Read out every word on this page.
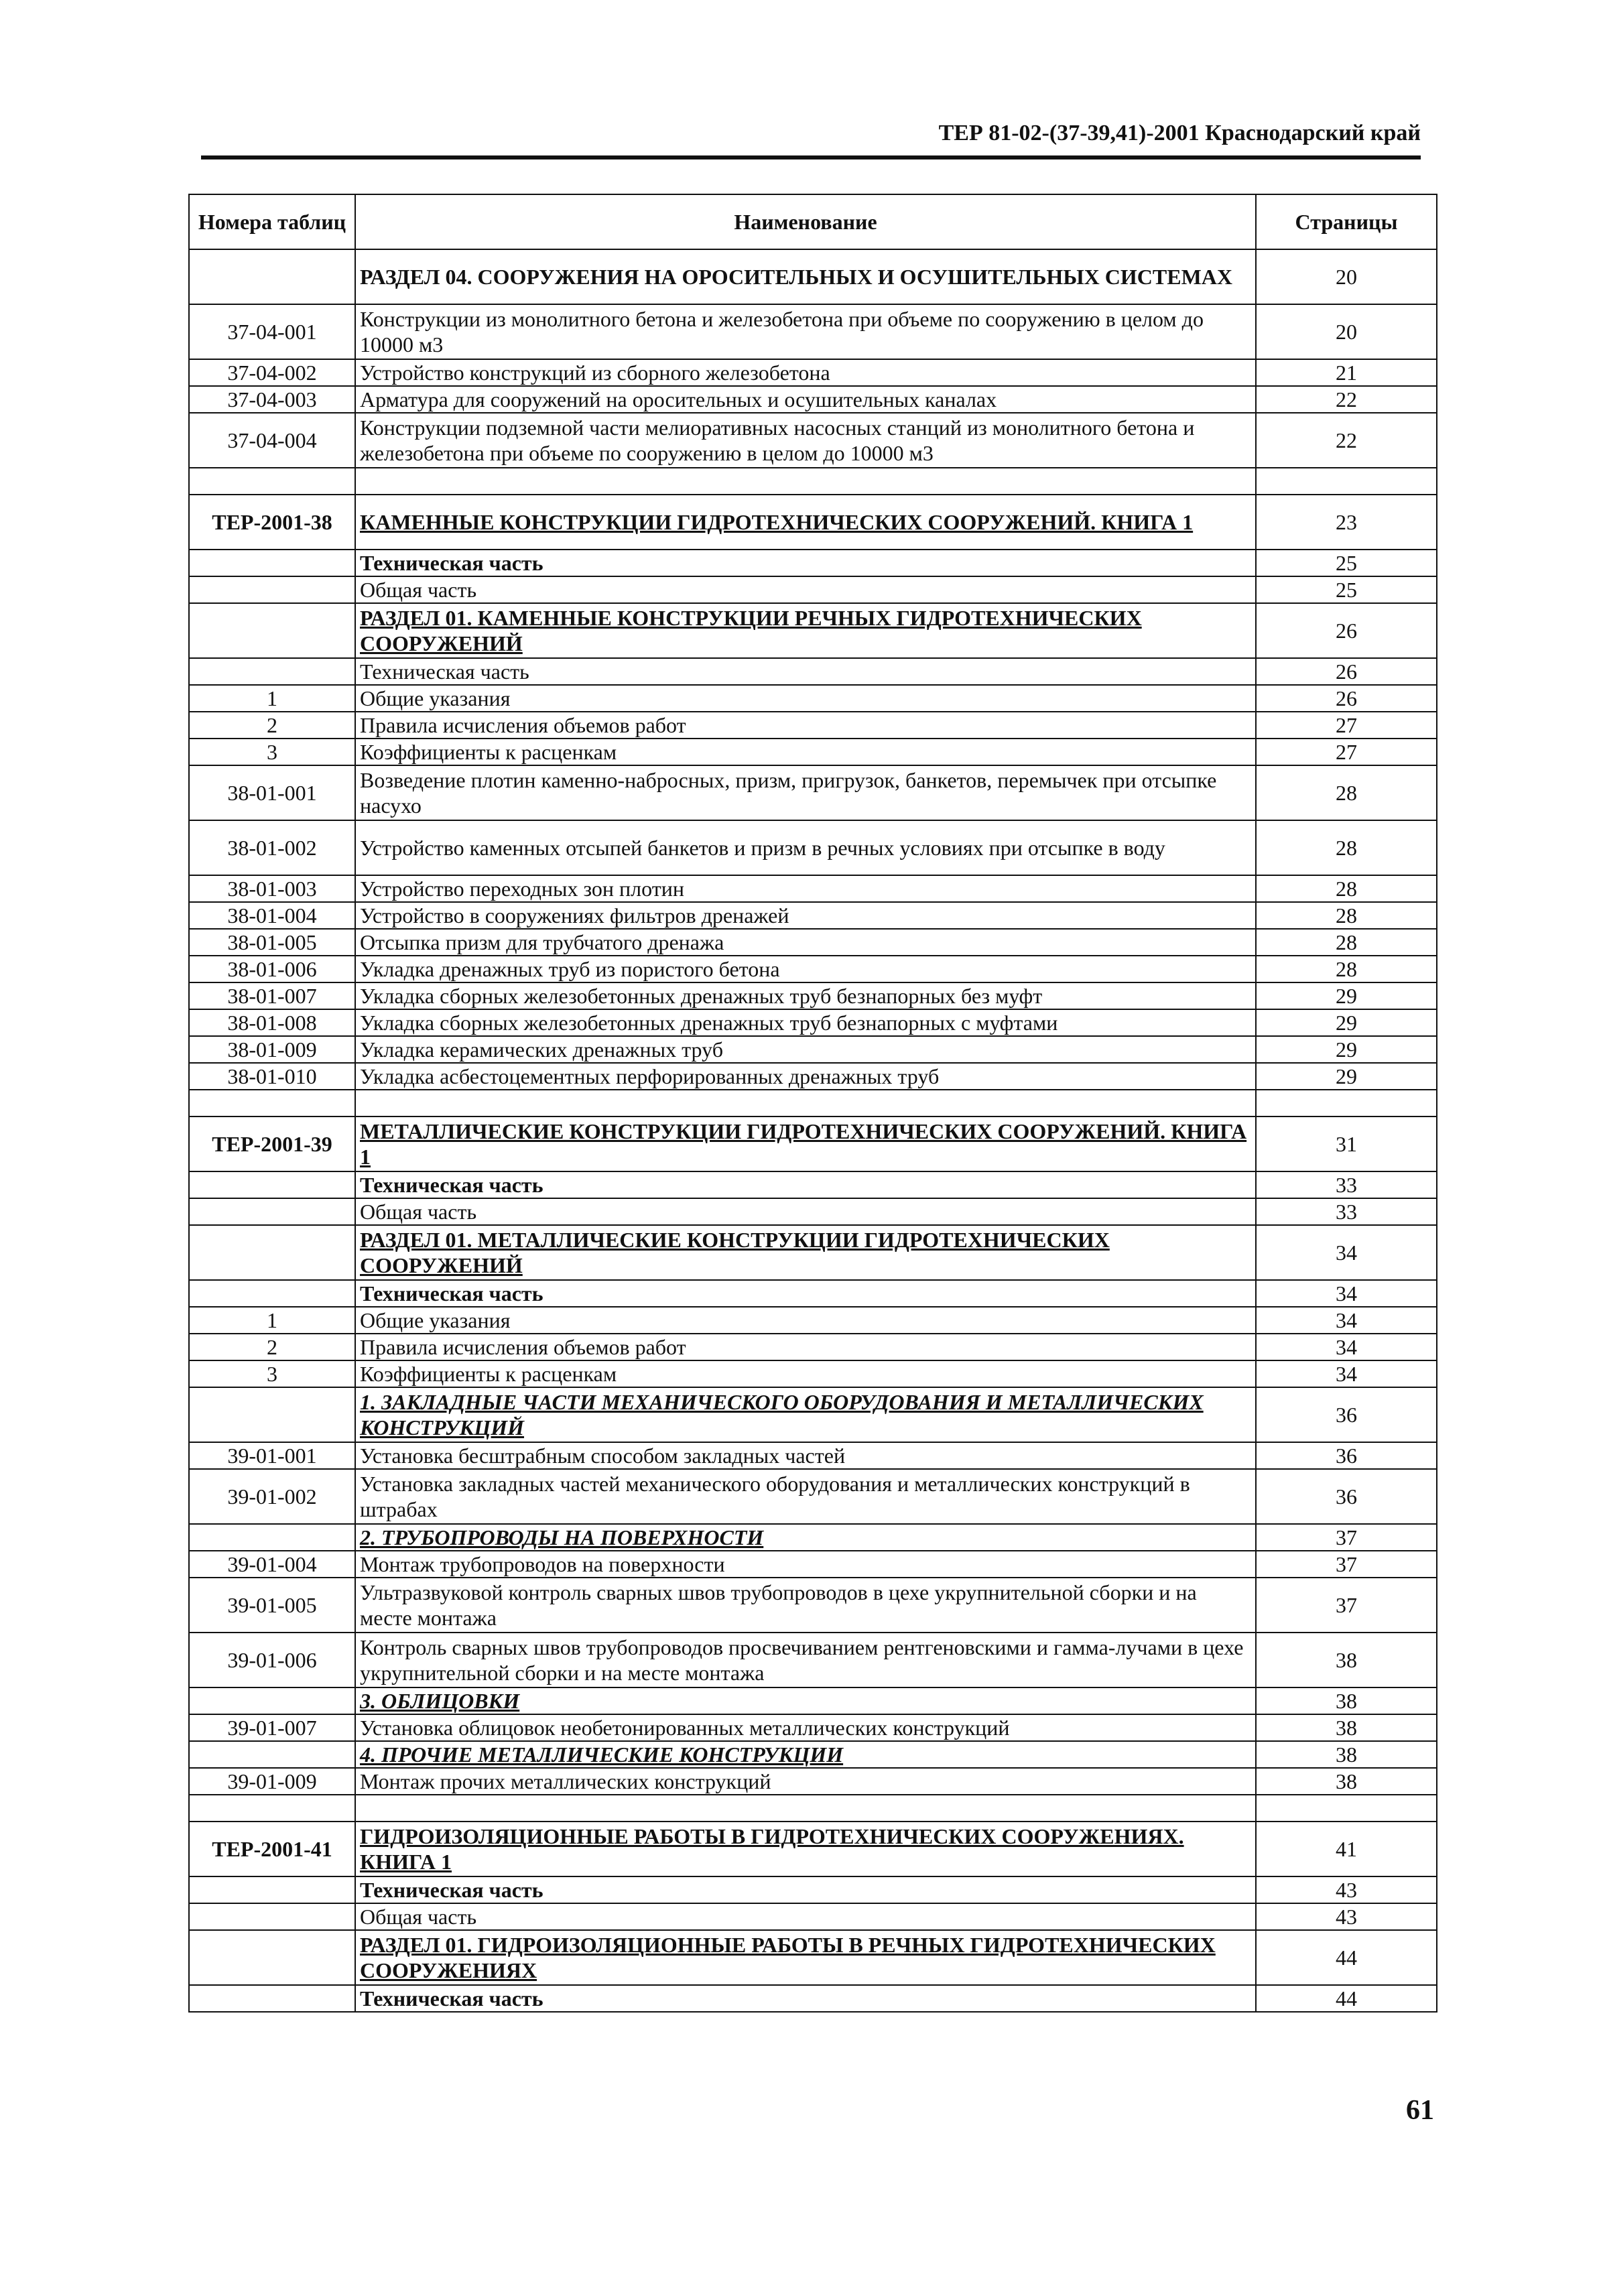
ТЕР 81-02-(37-39,41)-2001 Краснодарский край
Номера таблиц	Наименование	Страницы
	РАЗДЕЛ 04. СООРУЖЕНИЯ НА ОРОСИТЕЛЬНЫХ И ОСУШИТЕЛЬНЫХ СИСТЕМАХ	20
37-04-001	Конструкции из монолитного бетона и железобетона при объеме по сооружению в целом до 10000 м3	20
37-04-002	Устройство конструкций из сборного железобетона	21
37-04-003	Арматура для сооружений на оросительных и осушительных каналах	22
37-04-004	Конструкции подземной части мелиоративных насосных станций из монолитного бетона и железобетона при объеме по сооружению в целом до 10000 м3	22

ТЕР-2001-38	КАМЕННЫЕ КОНСТРУКЦИИ ГИДРОТЕХНИЧЕСКИХ СООРУЖЕНИЙ. КНИГА 1	23
	Техническая часть	25
	Общая часть	25
	РАЗДЕЛ 01. КАМЕННЫЕ КОНСТРУКЦИИ РЕЧНЫХ ГИДРОТЕХНИЧЕСКИХ СООРУЖЕНИЙ	26
	Техническая часть	26
1	Общие указания	26
2	Правила исчисления объемов работ	27
3	Коэффициенты к расценкам	27
38-01-001	Возведение плотин каменно-набросных, призм, пригрузок, банкетов, перемычек при отсыпке насухо	28
38-01-002	Устройство каменных отсыпей банкетов и призм в речных условиях при отсыпке в воду	28
38-01-003	Устройство переходных зон плотин	28
38-01-004	Устройство в сооружениях фильтров дренажей	28
38-01-005	Отсыпка призм для трубчатого дренажа	28
38-01-006	Укладка дренажных труб из пористого бетона	28
38-01-007	Укладка сборных железобетонных дренажных труб безнапорных без муфт	29
38-01-008	Укладка сборных железобетонных дренажных труб безнапорных с муфтами	29
38-01-009	Укладка керамических дренажных труб	29
38-01-010	Укладка асбестоцементных перфорированных дренажных труб	29

ТЕР-2001-39	МЕТАЛЛИЧЕСКИЕ КОНСТРУКЦИИ ГИДРОТЕХНИЧЕСКИХ СООРУЖЕНИЙ. КНИГА 1	31
	Техническая часть	33
	Общая часть	33
	РАЗДЕЛ 01. МЕТАЛЛИЧЕСКИЕ КОНСТРУКЦИИ ГИДРОТЕХНИЧЕСКИХ СООРУЖЕНИЙ	34
	Техническая часть	34
1	Общие указания	34
2	Правила исчисления объемов работ	34
3	Коэффициенты к расценкам	34
	1. ЗАКЛАДНЫЕ ЧАСТИ МЕХАНИЧЕСКОГО ОБОРУДОВАНИЯ И МЕТАЛЛИЧЕСКИХ КОНСТРУКЦИЙ	36
39-01-001	Установка бесштрабным способом закладных частей	36
39-01-002	Установка закладных частей механического оборудования и металлических конструкций в штрабах	36
	2. ТРУБОПРОВОДЫ НА ПОВЕРХНОСТИ	37
39-01-004	Монтаж трубопроводов на поверхности	37
39-01-005	Ультразвуковой контроль сварных швов трубопроводов в цехе укрупнительной сборки и на месте монтажа	37
39-01-006	Контроль сварных швов трубопроводов просвечиванием рентгеновскими и гамма-лучами в цехе укрупнительной сборки и на месте монтажа	38
	3. ОБЛИЦОВКИ	38
39-01-007	Установка облицовок необетонированных металлических конструкций	38
	4. ПРОЧИЕ МЕТАЛЛИЧЕСКИЕ КОНСТРУКЦИИ	38
39-01-009	Монтаж прочих металлических конструкций	38

ТЕР-2001-41	ГИДРОИЗОЛЯЦИОННЫЕ РАБОТЫ В ГИДРОТЕХНИЧЕСКИХ СООРУЖЕНИЯХ. КНИГА 1	41
	Техническая часть	43
	Общая часть	43
	РАЗДЕЛ 01. ГИДРОИЗОЛЯЦИОННЫЕ РАБОТЫ В РЕЧНЫХ ГИДРОТЕХНИЧЕСКИХ СООРУЖЕНИЯХ	44
	Техническая часть	44
61
